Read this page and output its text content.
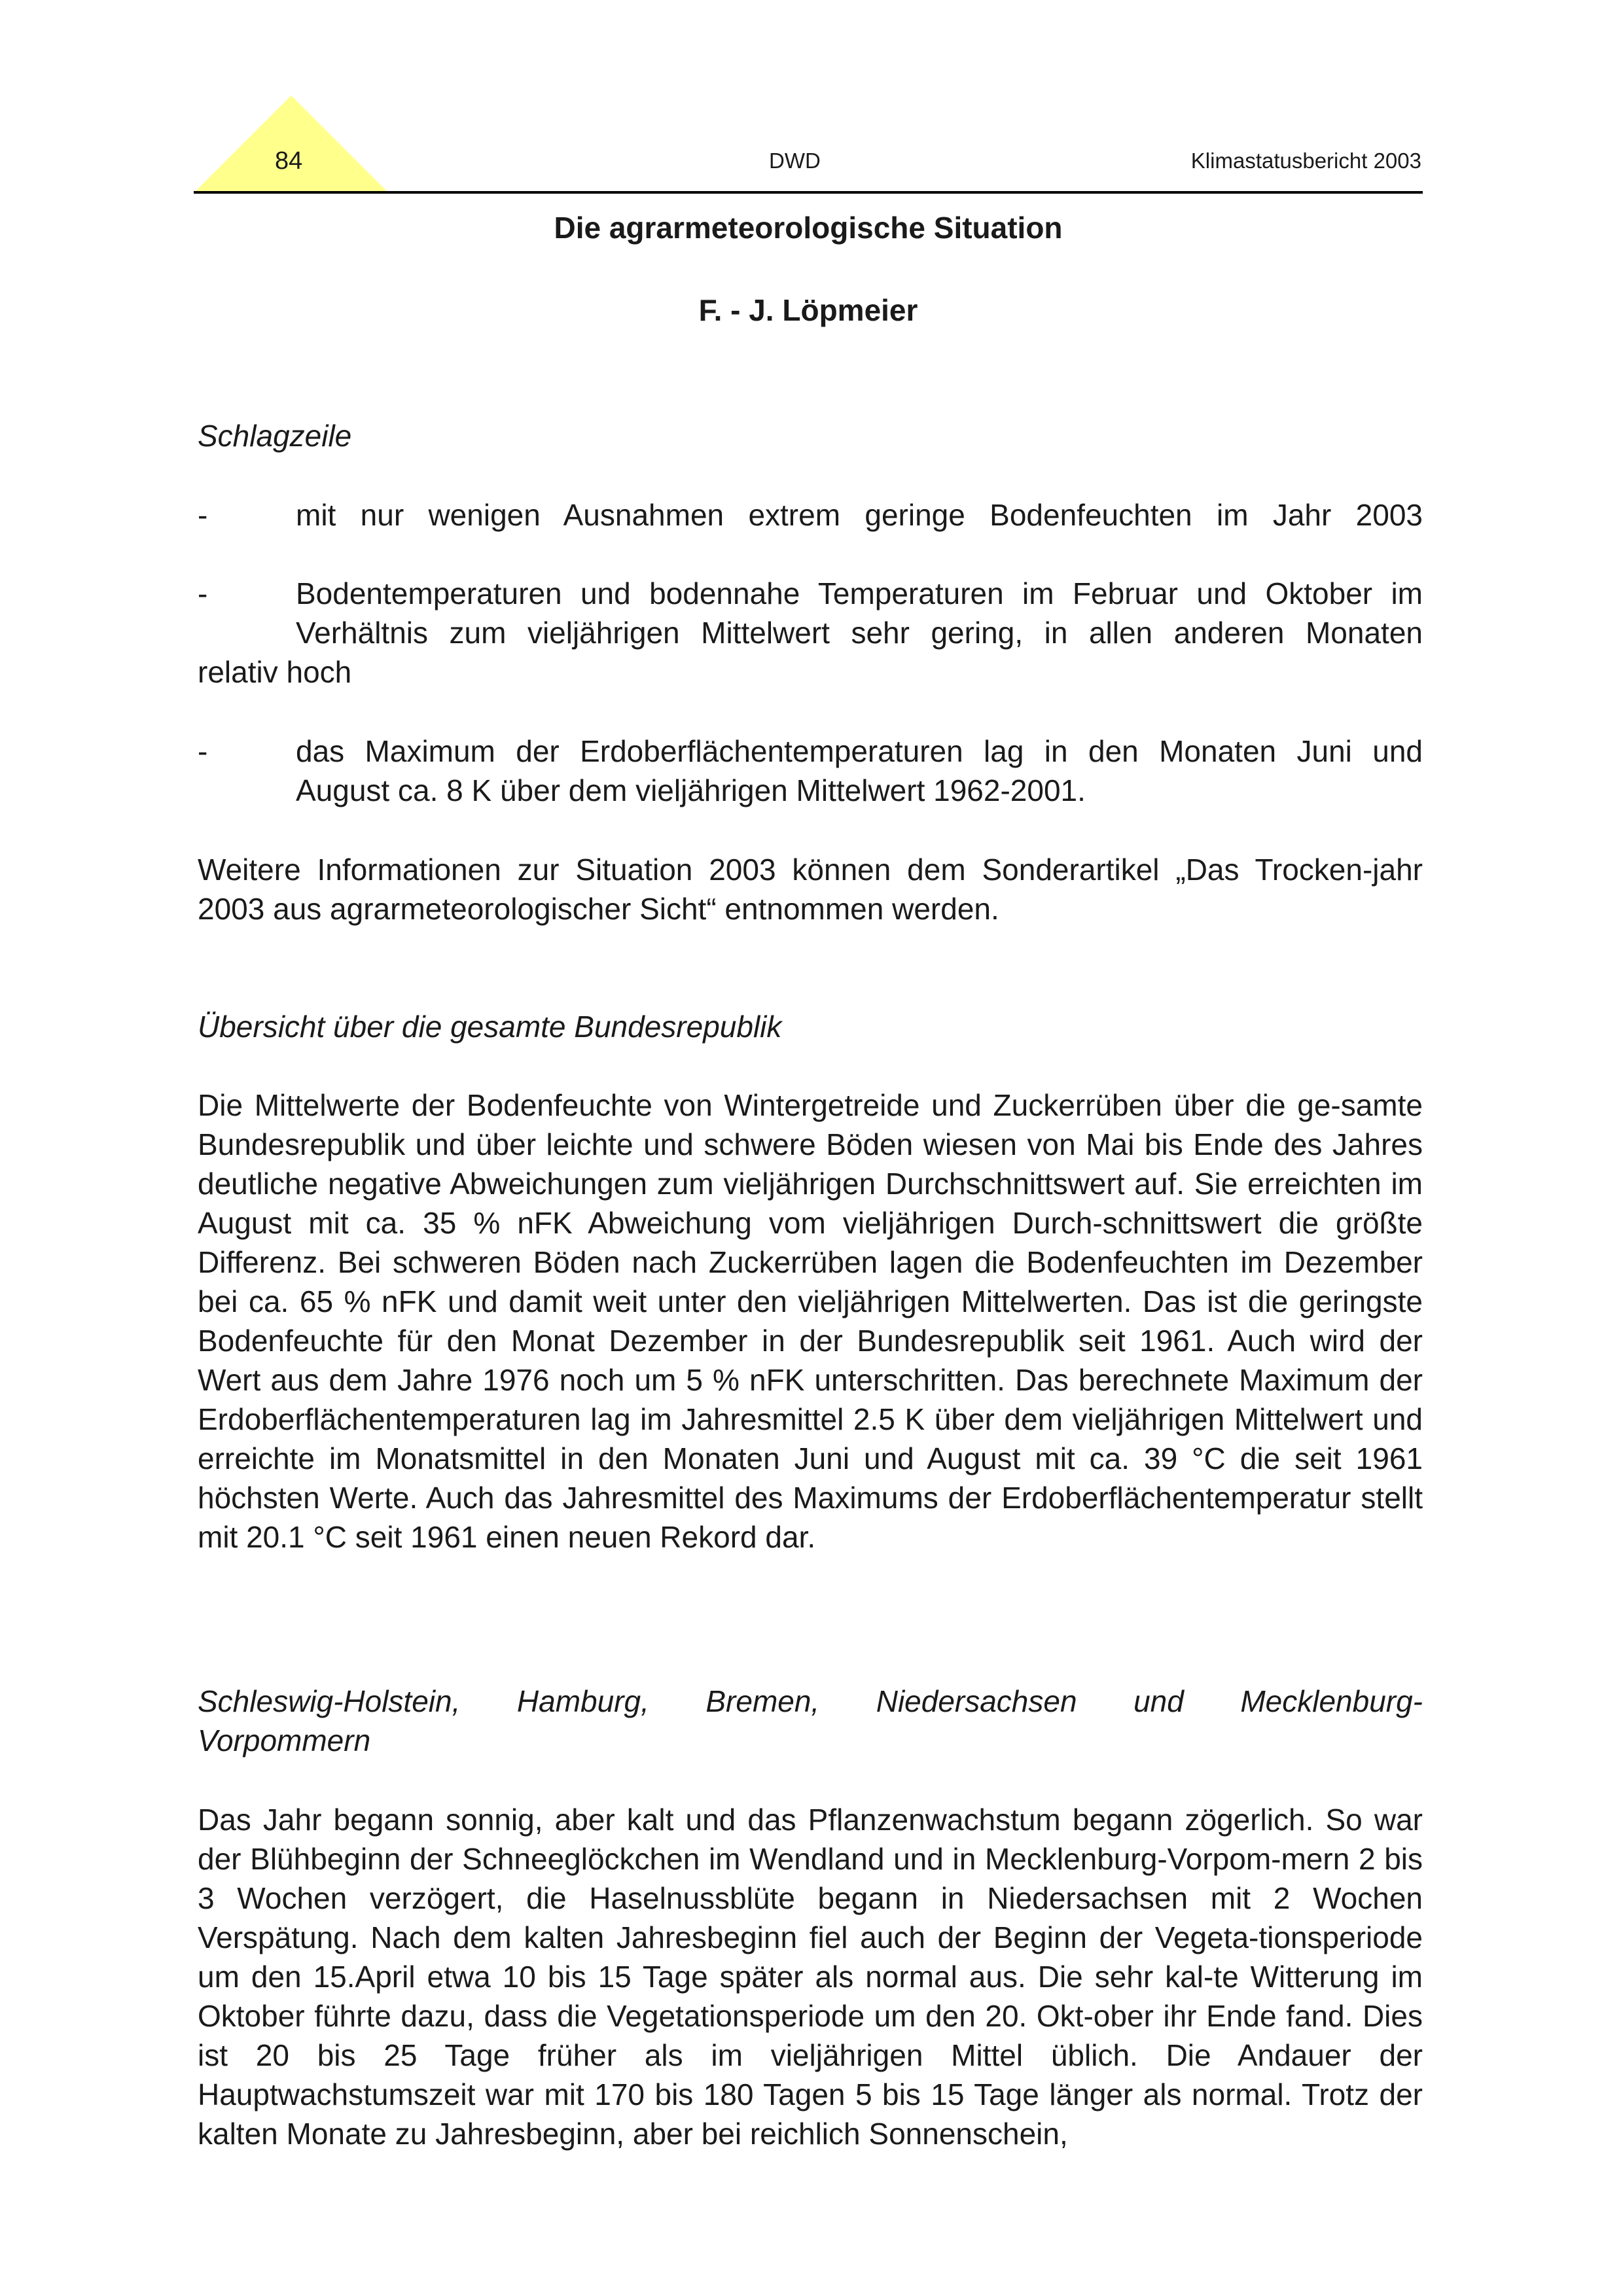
84	DWD	Klimastatusbericht 2003
Die agrarmeteorologische Situation
F. - J. Löpmeier
Schlagzeile
-	mit nur wenigen Ausnahmen extrem geringe Bodenfeuchten im Jahr 2003
-	Bodentemperaturen und bodennahe Temperaturen im Februar und Oktober im
Verhältnis zum vieljährigen Mittelwert sehr gering, in allen anderen Monaten
relativ hoch
-	das Maximum der Erdoberflächentemperaturen lag in den Monaten Juni und
August ca. 8 K über dem vieljährigen Mittelwert 1962-2001.

Weitere Informationen zur Situation 2003 können dem Sonderartikel „Das Trocken-jahr 2003 aus agrarmeteorologischer Sicht“ entnommen werden.

Übersicht über die gesamte Bundesrepublik

Die Mittelwerte der Bodenfeuchte von Wintergetreide und Zuckerrüben über die ge-samte Bundesrepublik und über leichte und schwere Böden wiesen von Mai bis Ende des Jahres deutliche negative Abweichungen zum vieljährigen Durchschnittswert auf. Sie erreichten im August mit ca. 35 % nFK Abweichung vom vieljährigen Durch-schnittswert die größte Differenz. Bei schweren Böden nach Zuckerrüben lagen die Bodenfeuchten im Dezember bei ca. 65 % nFK und damit weit unter den vieljährigen Mittelwerten. Das ist die geringste Bodenfeuchte für den Monat Dezember in der Bundesrepublik seit 1961. Auch wird der Wert aus dem Jahre 1976 noch um 5 % nFK unterschritten. Das berechnete Maximum der Erdoberflächentemperaturen lag im Jahresmittel 2.5 K über dem vieljährigen Mittelwert und erreichte im Monatsmittel in den Monaten Juni und August mit ca. 39 °C die seit 1961 höchsten Werte. Auch das Jahresmittel des Maximums der Erdoberflächentemperatur stellt mit 20.1 °C seit 1961 einen neuen Rekord dar.

Schleswig-Holstein, Hamburg, Bremen, Niedersachsen und Mecklenburg-
Vorpommern

Das Jahr begann sonnig, aber kalt und das Pflanzenwachstum begann zögerlich. So war der Blühbeginn der Schneeglöckchen im Wendland und in Mecklenburg-Vorpom-mern 2 bis 3 Wochen verzögert, die Haselnussblüte begann in Niedersachsen mit 2 Wochen Verspätung. Nach dem kalten Jahresbeginn fiel auch der Beginn der Vegeta-tionsperiode um den 15.April etwa 10 bis 15 Tage später als normal aus. Die sehr kal-te Witterung im Oktober führte dazu, dass die Vegetationsperiode um den 20. Okt-ober ihr Ende fand. Dies ist 20 bis 25 Tage früher als im vieljährigen Mittel üblich. Die Andauer der Hauptwachstumszeit war mit 170 bis 180 Tagen 5 bis 15 Tage länger als normal. Trotz der kalten Monate zu Jahresbeginn, aber bei reichlich Sonnenschein,
